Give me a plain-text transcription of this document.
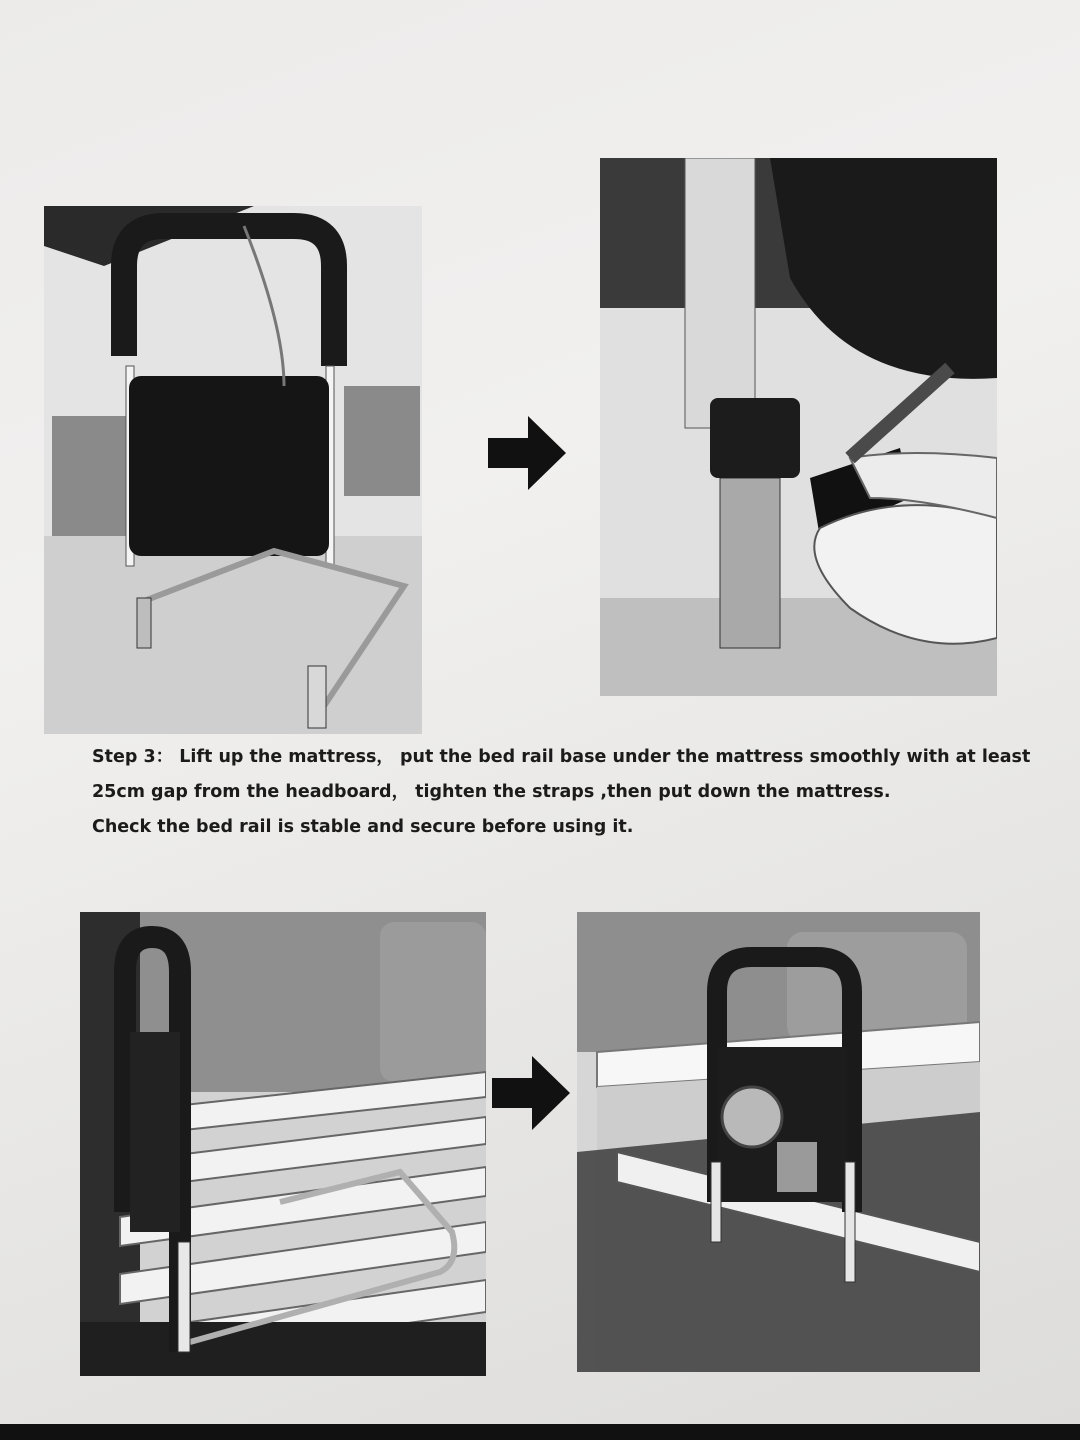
Step 3： Lift up the mattress， put the bed rail base under the mattress smoothly with at least

25cm gap from the headboard， tighten the straps ,then put down the mattress.

Check the bed rail is stable and secure before using it.
